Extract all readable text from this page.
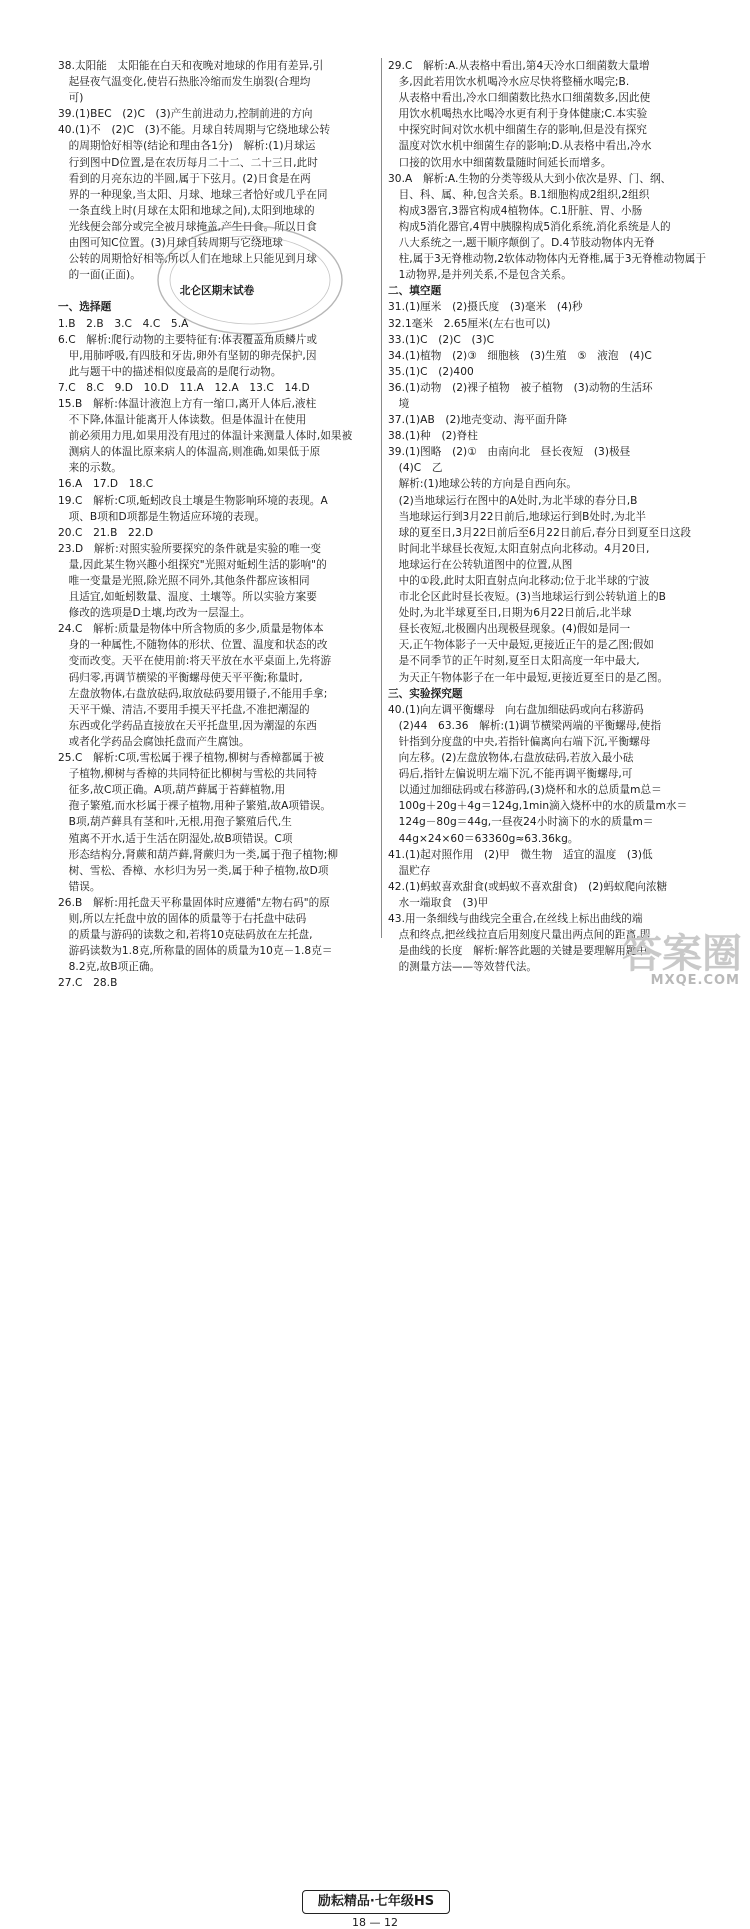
38.太阳能　太阳能在白天和夜晚对地球的作用有差异,引
　起昼夜气温变化,使岩石热胀冷缩而发生崩裂(合理均
　可)
39.(1)BEC　(2)C　(3)产生前进动力,控制前进的方向
40.(1)不　(2)C　(3)不能。月球自转周期与它绕地球公转
　的周期恰好相等(结论和理由各1分)　解析:(1)月球运
　行到图中D位置,是在农历每月二十二、二十三日,此时
　看到的月亮东边的半圆,属于下弦月。(2)日食是在两
　界的一种现象,当太阳、月球、地球三者恰好或几乎在同
　一条直线上时(月球在太阳和地球之间),太阳到地球的
　光线便会部分或完全被月球掩盖,产生日食。所以日食
　由图可知C位置。(3)月球自转周期与它绕地球
　公转的周期恰好相等,所以人们在地球上只能见到月球
　的一面(正面)。
北仑区期末试卷
一、选择题
1.B　2.B　3.C　4.C　5.A
6.C　解析:爬行动物的主要特征有:体表覆盖角质鳞片或
　甲,用肺呼吸,有四肢和牙齿,卵外有坚韧的卵壳保护,因
　此与题干中的描述相似度最高的是爬行动物。
7.C　8.C　9.D　10.D　11.A　12.A　13.C　14.D
15.B　解析:体温计液泡上方有一缩口,离开人体后,液柱
　不下降,体温计能离开人体读数。但是体温计在使用
　前必须用力甩,如果用没有甩过的体温计来测量人体时,如果被
　测病人的体温比原来病人的体温高,则准确,如果低于原
　来的示数。
16.A　17.D　18.C
19.C　解析:C项,蚯蚓改良土壤是生物影响环境的表现。A
　项、B项和D项都是生物适应环境的表现。
20.C　21.B　22.D
23.D　解析:对照实验所要探究的条件就是实验的唯一变
　量,因此某生物兴趣小组探究"光照对蚯蚓生活的影响"的
　唯一变量是光照,除光照不同外,其他条件都应该相同
　且适宜,如蚯蚓数量、温度、土壤等。所以实验方案要
　修改的选项是D土壤,均改为一层湿土。
24.C　解析:质量是物体中所含物质的多少,质量是物体本
　身的一种属性,不随物体的形状、位置、温度和状态的改
　变而改变。天平在使用前:将天平放在水平桌面上,先将游
　码归零,再调节横梁的平衡螺母使天平平衡;称量时,
　左盘放物体,右盘放砝码,取放砝码要用镊子,不能用手拿;
　天平干燥、清洁,不要用手摸天平托盘,不准把潮湿的
　东西或化学药品直接放在天平托盘里,因为潮湿的东西
　或者化学药品会腐蚀托盘而产生腐蚀。
25.C　解析:C项,雪松属于裸子植物,柳树与香樟都属于被
　子植物,柳树与香樟的共同特征比柳树与雪松的共同特
　征多,故C项正确。A项,葫芦藓属于苔藓植物,用
　孢子繁殖,而水杉属于裸子植物,用种子繁殖,故A项错误。
　B项,葫芦藓具有茎和叶,无根,用孢子繁殖后代,生
　殖离不开水,适于生活在阴湿处,故B项错误。C项
　形态结构分,肾蕨和葫芦藓,肾蕨归为一类,属于孢子植物;柳
　树、雪松、香樟、水杉归为另一类,属于种子植物,故D项
　错误。
26.B　解析:用托盘天平称量固体时应遵循"左物右码"的原
　则,所以左托盘中放的固体的质量等于右托盘中砝码
　的质量与游码的读数之和,若将10克砝码放在左托盘,
　游码读数为1.8克,所称量的固体的质量为10克－1.8克＝
　8.2克,故B项正确。
27.C　28.B
29.C　解析:A.从表格中看出,第4天冷水口细菌数大量增
　多,因此若用饮水机喝冷水应尽快将整桶水喝完;B.
　从表格中看出,冷水口细菌数比热水口细菌数多,因此使
　用饮水机喝热水比喝冷水更有利于身体健康;C.本实验
　中探究时间对饮水机中细菌生存的影响,但是没有探究
　温度对饮水机中细菌生存的影响;D.从表格中看出,冷水
　口接的饮用水中细菌数量随时间延长而增多。
30.A　解析:A.生物的分类等级从大到小依次是界、门、纲、
　目、科、属、种,包含关系。B.1细胞构成2组织,2组织
　构成3器官,3器官构成4植物体。C.1肝脏、胃、小肠
　构成5消化器官,4胃中胰腺构成5消化系统,消化系统是人的
　八大系统之一,题干顺序颠倒了。D.4节肢动物体内无脊
　柱,属于3无脊椎动物,2软体动物体内无脊椎,属于3无脊椎动物属于
　1动物界,是并列关系,不是包含关系。
二、填空题
31.(1)厘米　(2)摄氏度　(3)毫米　(4)秒
32.1毫米　2.65厘米(左右也可以)
33.(1)C　(2)C　(3)C
34.(1)植物　(2)③　细胞核　(3)生殖　⑤　液泡　(4)C
35.(1)C　(2)400
36.(1)动物　(2)裸子植物　被子植物　(3)动物的生活环
　境
37.(1)AB　(2)地壳变动、海平面升降
38.(1)种　(2)脊柱
39.(1)图略　(2)①　由南向北　昼长夜短　(3)极昼
　(4)C　乙
　解析:(1)地球公转的方向是自西向东。
　(2)当地球运行在图中的A处时,为北半球的春分日,B
　当地球运行到3月22日前后,地球运行到B处时,为北半
　球的夏至日,3月22日前后至6月22日前后,春分日到夏至日这段
　时间北半球昼长夜短,太阳直射点向北移动。4月20日,
　地球运行在公转轨道图中的位置,从图
　中的①段,此时太阳直射点向北移动;位于北半球的宁波
　市北仑区此时昼长夜短。(3)当地球运行到公转轨道上的B
　处时,为北半球夏至日,日期为6月22日前后,北半球
　昼长夜短,北极圈内出现极昼现象。(4)假如是同一
　天,正午物体影子一天中最短,更接近正午的是乙图;假如
　是不同季节的正午时刻,夏至日太阳高度一年中最大,
　为天正午物体影子在一年中最短,更接近夏至日的是乙图。
三、实验探究题
40.(1)向左调平衡螺母　向右盘加细砝码或向右移游码
　(2)44　63.36　解析:(1)调节横梁两端的平衡螺母,使指
　针指到分度盘的中央,若指针偏离向右端下沉,平衡螺母
　向左移。(2)左盘放物体,右盘放砝码,若放入最小砝
　码后,指针左偏说明左端下沉,不能再调平衡螺母,可
　以通过加细砝码或右移游码,(3)烧杯和水的总质量m总＝
　100g＋20g＋4g＝124g,1min滴入烧杯中的水的质量m水＝
　124g－80g＝44g,一昼夜24小时滴下的水的质量m＝
　44g×24×60＝63360g≈63.36kg。
41.(1)起对照作用　(2)甲　微生物　适宜的温度　(3)低
　温贮存
42.(1)蚂蚁喜欢甜食(或蚂蚁不喜欢甜食)　(2)蚂蚁爬向浓糖
　水一端取食　(3)甲
43.用一条细线与曲线完全重合,在丝线上标出曲线的端
　点和终点,把丝线拉直后用刻度尺量出两点间的距离,即
　是曲线的长度　解析:解答此题的关键是要理解用题中
　的测量方法——等效替代法。
励耘精品·七年级HS
18 — 12
答案圈
MXQE.COM
